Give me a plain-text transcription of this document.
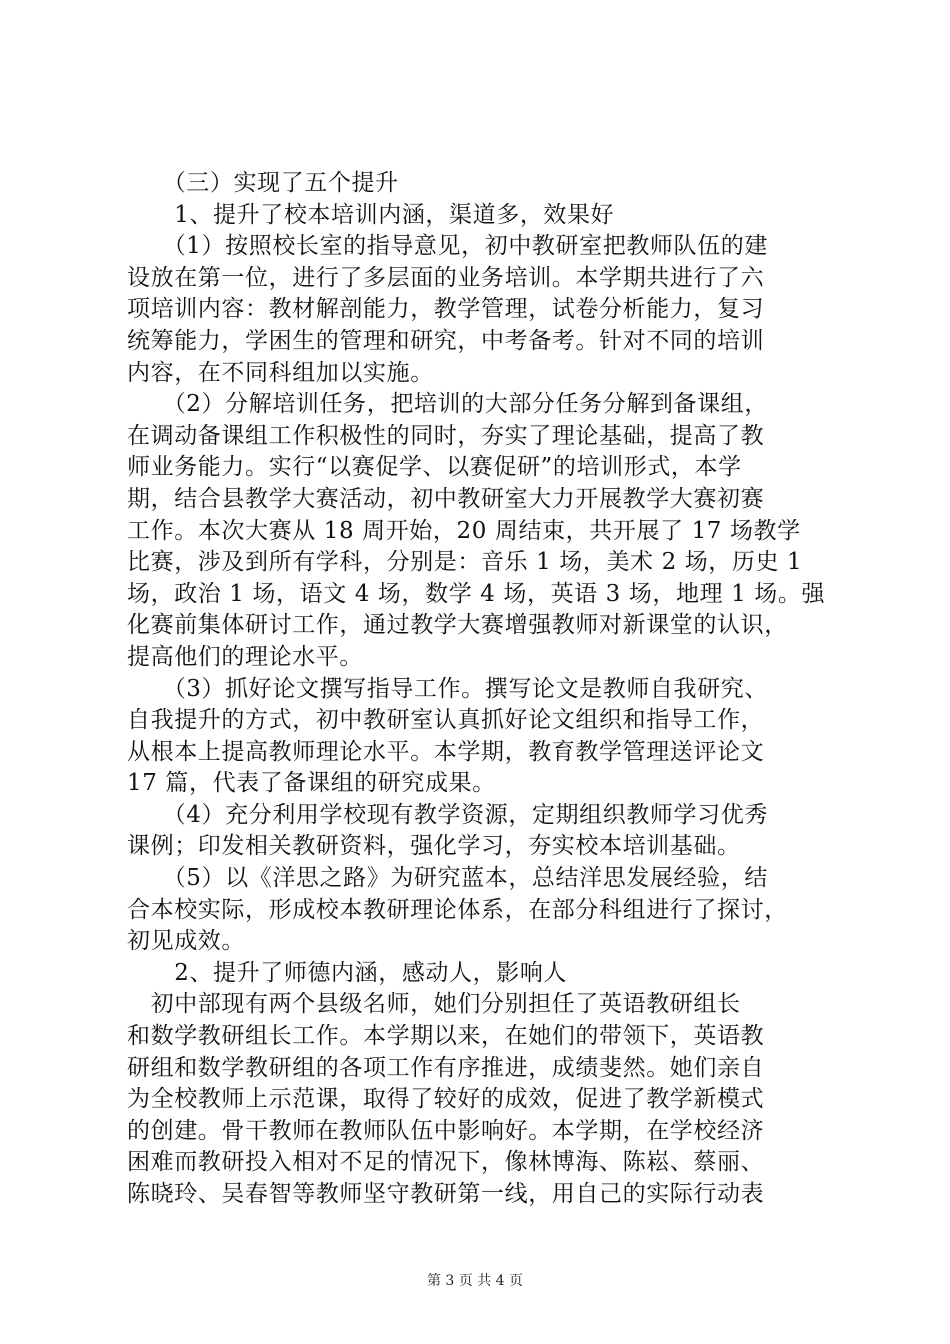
　　（三）实现了五个提升
　　1、提升了校本培训内涵，渠道多，效果好
　　（1）按照校长室的指导意见，初中教研室把教师队伍的建
设放在第一位，进行了多层面的业务培训。本学期共进行了六
项培训内容：教材解剖能力，教学管理，试卷分析能力，复习
统筹能力，学困生的管理和研究，中考备考。针对不同的培训
内容，在不同科组加以实施。
　　（2）分解培训任务，把培训的大部分任务分解到备课组，
在调动备课组工作积极性的同时，夯实了理论基础，提高了教
师业务能力。实行“以赛促学、以赛促研”的培训形式，本学
期，结合县教学大赛活动，初中教研室大力开展教学大赛初赛
工作。本次大赛从 18 周开始，20 周结束，共开展了 17 场教学
比赛，涉及到所有学科，分别是：音乐 1 场，美术 2 场，历史 1
场，政治 1 场，语文 4 场，数学 4 场，英语 3 场，地理 1 场。强
化赛前集体研讨工作，通过教学大赛增强教师对新课堂的认识，
提高他们的理论水平。
　　（3）抓好论文撰写指导工作。撰写论文是教师自我研究、
自我提升的方式，初中教研室认真抓好论文组织和指导工作，
从根本上提高教师理论水平。本学期，教育教学管理送评论文
17 篇，代表了备课组的研究成果。
　　（4）充分利用学校现有教学资源，定期组织教师学习优秀
课例；印发相关教研资料，强化学习，夯实校本培训基础。
　　（5）以《洋思之路》为研究蓝本，总结洋思发展经验，结
合本校实际，形成校本教研理论体系，在部分科组进行了探讨，
初见成效。
　　2、提升了师德内涵，感动人，影响人
　初中部现有两个县级名师，她们分别担任了英语教研组长
和数学教研组长工作。本学期以来，在她们的带领下，英语教
研组和数学教研组的各项工作有序推进，成绩斐然。她们亲自
为全校教师上示范课，取得了较好的成效，促进了教学新模式
的创建。骨干教师在教师队伍中影响好。本学期，在学校经济
困难而教研投入相对不足的情况下，像林博海、陈崧、蔡丽、
陈晓玲、吴春智等教师坚守教研第一线，用自己的实际行动表
第 3 页 共 4 页
